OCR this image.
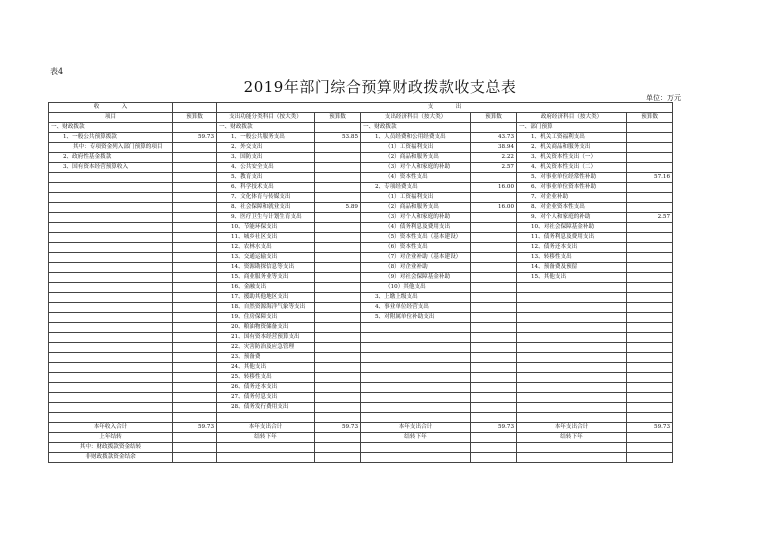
表4
2019年部门综合预算财政拨款收支总表
单位：万元
收　　　　入		支　　　　出					
项目	预算数	支出功能分类科目（按大类）	预算数	支出经济科目（按大类）	预算数	政府经济科目（按大类）	预算数
一、财政拨款		一、财政拨款		一、财政拨款		一、部门预算	
1、一般公共预算拨款	59.73	1、一般公共服务支出	53.85	1、人员经费和公用经费支出	43.73	1、机关工资福利支出	
其中：专项资金列入部门预算的项目		2、外交支出		（1）工资福利支出	38.94	2、机关商品和服务支出	
2、政府性基金拨款		3、国防支出		（2）商品和服务支出	2.22	3、机关资本性支出（一）	
3、国有资本经营预算收入		4、公共安全支出		（3）对个人和家庭的补助	2.57	4、机关资本性支出（二）	
		5、教育支出		（4）资本性支出		5、对事业单位经常性补助	57.16
		6、科学技术支出		2、专项经费支出	16.00	6、对事业单位资本性补助	
		7、文化体育与传媒支出		（1）工资福利支出		7、对企业补助	
		8、社会保障和就业支出	5.89	（2）商品和服务支出	16.00	8、对企业资本性支出	
		9、医疗卫生与计划生育支出		（3）对个人和家庭的补助		9、对个人和家庭的补助	2.57
		10、节能环保支出		（4）债务利息及费用支出		10、对社会保障基金补助	
		11、城乡社区支出		（5）资本性支出（基本建设）		11、债务利息及费用支出	
		12、农林水支出		（6）资本性支出		12、债务还本支出	
		13、交通运输支出		（7）对企业补助（基本建设）		13、转移性支出	
		14、资源勘探信息等支出		（8）对企业补助		14、预备费及预留	
		15、商业服务业等支出		（9）对社会保障基金补助		15、其他支出	
		16、金融支出		（10）其他支出			
		17、援助其他地区支出		3、上缴上级支出			
		18、自然资源海洋气象等支出		4、事业单位经营支出			
		19、住房保障支出		5、对附属单位补助支出			
		20、粮油物资储备支出					
		21、国有资本经营预算支出					
		22、灾害防治及应急管理					
		23、预备费					
		24、其他支出					
		25、转移性支出					
		26、债务还本支出					
		27、债务付息支出					
		28、债务发行费用支出					

本年收入合计	59.73	本年支出合计	59.73	本年支出合计	59.73	本年支出合计	59.73
上年结转		结转下年		结转下年		结转下年	
其中：财政拨款资金结转							
非财政拨款资金结余							
